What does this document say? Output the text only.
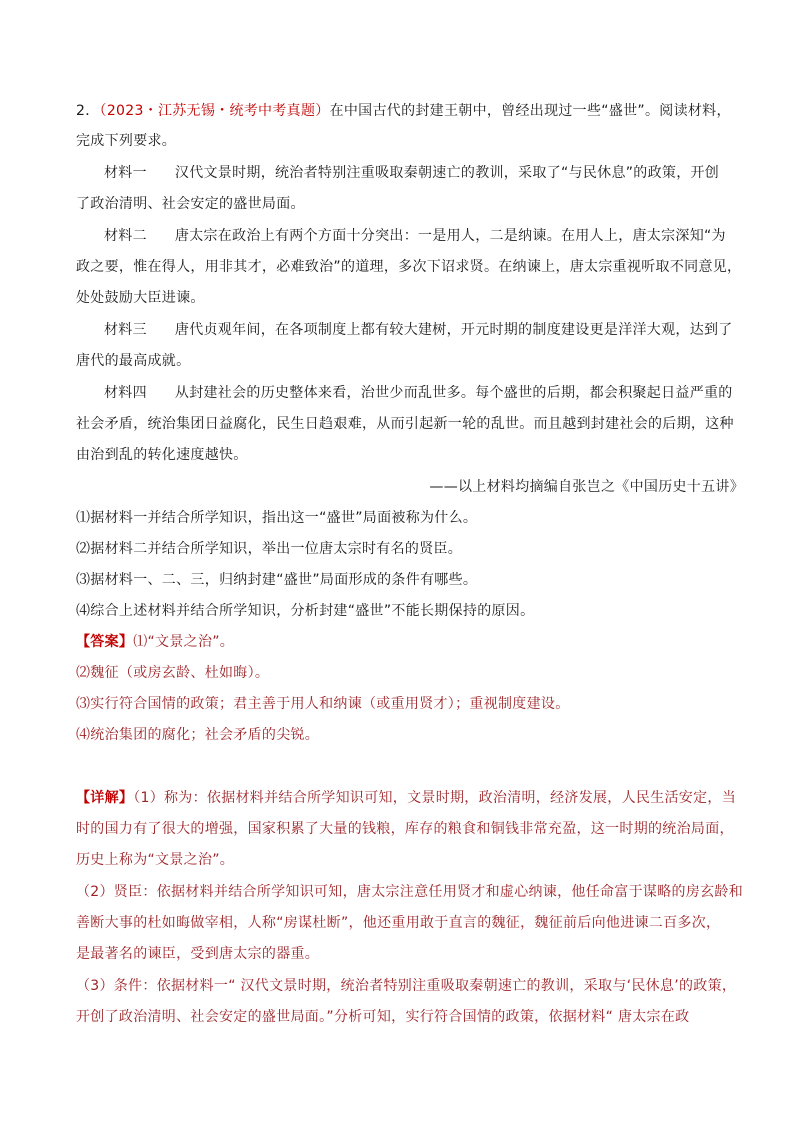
2．（2023・江苏无锡・统考中考真题）在中国古代的封建王朝中，曾经出现过一些“盛世”。阅读材料，
完成下列要求。
材料一 汉代文景时期，统治者特别注重吸取秦朝速亡的教训，采取了“与民休息”的政策，开创
了政治清明、社会安定的盛世局面。
材料二 唐太宗在政治上有两个方面十分突出：一是用人，二是纳谏。在用人上，唐太宗深知“为
政之要，惟在得人，用非其才，必难致治”的道理，多次下诏求贤。在纳谏上，唐太宗重视听取不同意见，
处处鼓励大臣进谏。
材料三 唐代贞观年间，在各项制度上都有较大建树，开元时期的制度建设更是洋洋大观，达到了
唐代的最高成就。
材料四 从封建社会的历史整体来看，治世少而乱世多。每个盛世的后期，都会积聚起日益严重的
社会矛盾，统治集团日益腐化，民生日趋艰难，从而引起新一轮的乱世。而且越到封建社会的后期，这种
由治到乱的转化速度越快。
——以上材料均摘编自张岂之《中国历史十五讲》
⑴据材料一并结合所学知识，指出这一“盛世”局面被称为什么。
⑵据材料二并结合所学知识，举出一位唐太宗时有名的贤臣。
⑶据材料一、二、三，归纳封建“盛世”局面形成的条件有哪些。
⑷综合上述材料并结合所学知识，分析封建“盛世”不能长期保持的原因。
【答案】⑴“文景之治”。
⑵魏征（或房玄龄、杜如晦）。
⑶实行符合国情的政策；君主善于用人和纳谏（或重用贤才）；重视制度建设。
⑷统治集团的腐化；社会矛盾的尖锐。
【详解】（1）称为：依据材料并结合所学知识可知，文景时期，政治清明，经济发展，人民生活安定，当
时的国力有了很大的增强，国家积累了大量的钱粮，库存的粮食和铜钱非常充盈，这一时期的统治局面，
历史上称为“文景之治”。
（2）贤臣：依据材料并结合所学知识可知，唐太宗注意任用贤才和虚心纳谏，他任命富于谋略的房玄龄和
善断大事的杜如晦做宰相，人称“房谋杜断”，他还重用敢于直言的魏征，魏征前后向他进谏二百多次，
是最著名的谏臣，受到唐太宗的器重。
（3）条件：依据材料一“ 汉代文景时期，统治者特别注重吸取秦朝速亡的教训，采取与‘民休息’的政策，
开创了政治清明、社会安定的盛世局面。”分析可知，实行符合国情的政策，依据材料“ 唐太宗在政
